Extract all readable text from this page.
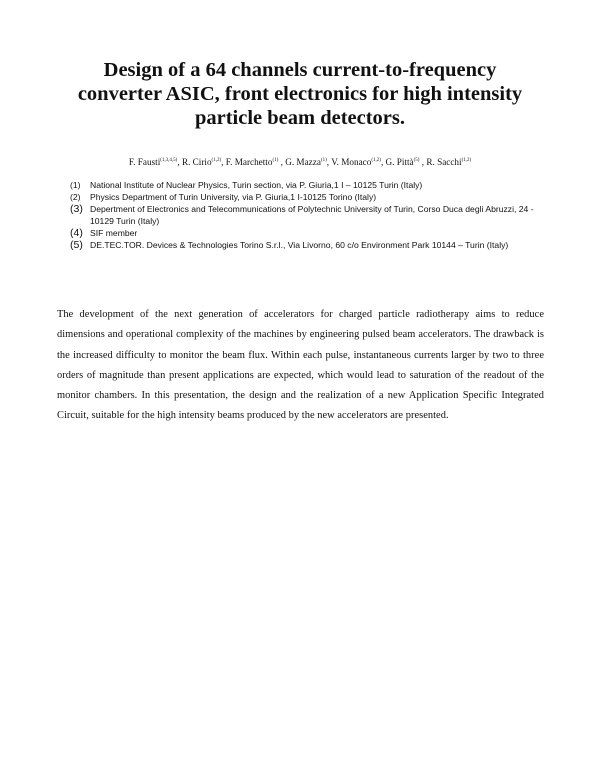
Design of a 64 channels current-to-frequency
converter ASIC, front electronics for high intensity
particle beam detectors.
F. Fausti$^{(1,3,4,5)}$, R. Cirio$^{(1,2)}$, F. Marchetto$^{(1)}$ , G. Mazza$^{(1)}$, V. Monaco$^{(1,2)}$, G. Pittà$^{(5)}$ , R. Sacchi$^{(1,2)}$
(1)	National Institute of Nuclear Physics, Turin section, via P. Giuria,1 I – 10125 Turin (Italy)
(2)	Physics Department of Turin University, via P. Giuria,1 I-10125 Torino (Italy)
(3) Depertment of Electronics and Telecommunications of Polytechnic University of Turin, Corso Duca degli Abruzzi, 24 - 10129 Turin (Italy)
(4) SIF member
(5) DE.TEC.TOR. Devices & Technologies Torino S.r.l., Via Livorno, 60 c/o Environment Park 10144 – Turin (Italy)

The development of the next generation of accelerators for charged particle radiotherapy aims to reduce dimensions and operational complexity of the machines by engineering pulsed beam accelerators. The drawback is the increased difficulty to monitor the beam flux. Within each pulse, instantaneous currents larger by two to three orders of magnitude than present applications are expected, which would lead to saturation of the readout of the monitor chambers. In this presentation, the design and the realization of a new Application Specific Integrated Circuit, suitable for the high intensity beams produced by the new accelerators are presented.
